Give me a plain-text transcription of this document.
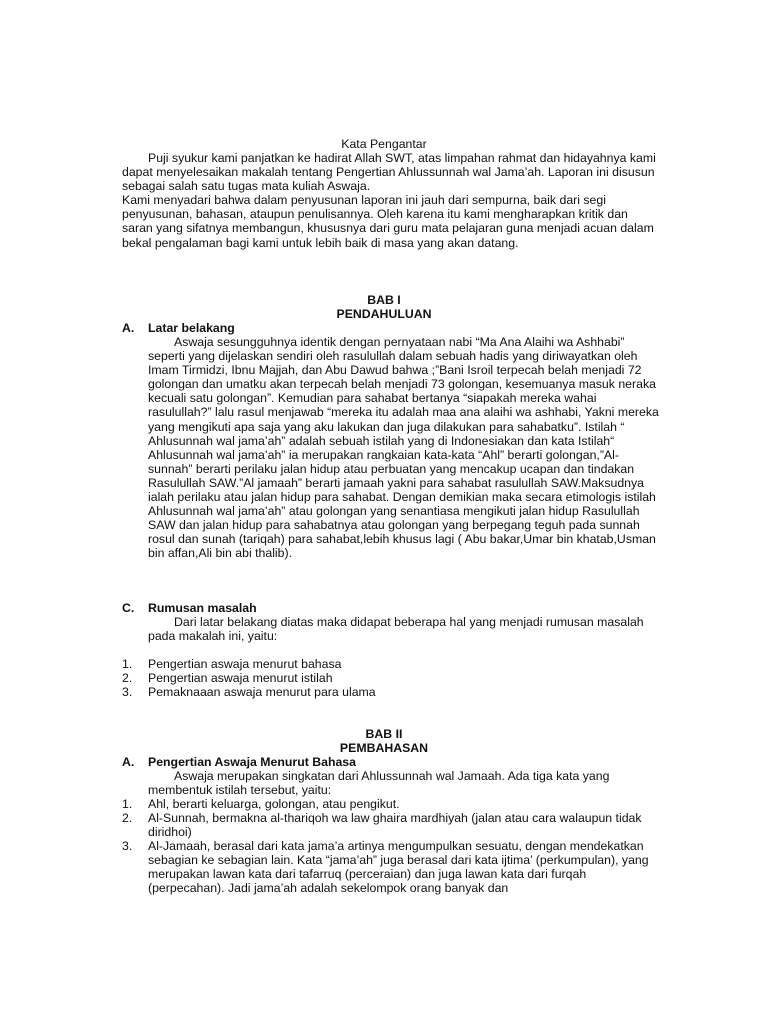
Kata Pengantar

Puji syukur kami panjatkan ke hadirat Allah SWT, atas limpahan rahmat dan hidayahnya kami dapat menyelesaikan makalah tentang Pengertian Ahlussunnah wal Jama’ah. Laporan ini disusun sebagai salah satu tugas mata kuliah Aswaja.

Kami menyadari bahwa dalam penyusunan laporan ini jauh dari sempurna, baik dari segi penyusunan, bahasan, ataupun penulisannya. Oleh karena itu kami mengharapkan kritik dan saran yang sifatnya membangun, khususnya dari guru mata pelajaran guna menjadi acuan dalam bekal pengalaman bagi kami untuk lebih baik di masa yang akan datang.

BAB I
PENDAHULUAN
A. Latar belakang

Aswaja sesungguhnya identik dengan pernyataan nabi “Ma Ana Alaihi wa Ashhabi” seperti yang dijelaskan sendiri oleh rasulullah dalam sebuah hadis yang diriwayatkan oleh Imam Tirmidzi, Ibnu Majjah, dan Abu Dawud bahwa ;”Bani Isroil terpecah belah menjadi 72 golongan dan umatku akan terpecah belah menjadi 73 golongan, kesemuanya masuk neraka kecuali satu golongan”. Kemudian para sahabat bertanya “siapakah mereka wahai rasulullah?” lalu rasul menjawab “mereka itu adalah maa ana alaihi wa ashhabi, Yakni mereka yang mengikuti apa saja yang aku lakukan dan juga dilakukan para sahabatku”. Istilah “ Ahlusunnah wal jama’ah” adalah sebuah istilah yang di Indonesiakan dan kata Istilah“ Ahlusunnah wal jama’ah” ia merupakan rangkaian kata-kata “Ahl” berarti golongan,”Al-sunnah” berarti perilaku jalan hidup atau perbuatan yang mencakup ucapan dan tindakan Rasulullah SAW.”Al jamaah” berarti jamaah yakni para sahabat rasulullah SAW.Maksudnya ialah perilaku atau jalan hidup para sahabat. Dengan demikian maka secara etimologis istilah Ahlusunnah wal jama’ah” atau golongan yang senantiasa mengikuti jalan hidup Rasulullah SAW dan jalan hidup para sahabatnya atau golongan yang berpegang teguh pada sunnah rosul dan sunah (tariqah) para sahabat,lebih khusus lagi ( Abu bakar,Umar bin khatab,Usman bin affan,Ali bin abi thalib).

C. Rumusan masalah

Dari latar belakang diatas maka didapat beberapa hal yang menjadi rumusan masalah pada makalah ini, yaitu:

1.	Pengertian aswaja menurut bahasa
2.	Pengertian aswaja menurut istilah
3.	Pemaknaaan aswaja menurut para ulama
BAB II
PEMBAHASAN
A. Pengertian Aswaja Menurut Bahasa

Aswaja merupakan singkatan dari Ahlussunnah wal Jamaah. Ada tiga kata yang membentuk istilah tersebut, yaitu:

1.	Ahl, berarti keluarga, golongan, atau pengikut.
2.	Al-Sunnah, bermakna al-thariqoh wa law ghaira mardhiyah (jalan atau cara walaupun tidak diridhoi)
3.	Al-Jamaah, berasal dari kata jama’a artinya mengumpulkan sesuatu, dengan mendekatkan sebagian ke sebagian lain. Kata “jama’ah” juga berasal dari kata ijtima’ (perkumpulan), yang merupakan lawan kata dari tafarruq (perceraian) dan juga lawan kata dari furqah (perpecahan). Jadi jama’ah adalah sekelompok orang banyak dan
